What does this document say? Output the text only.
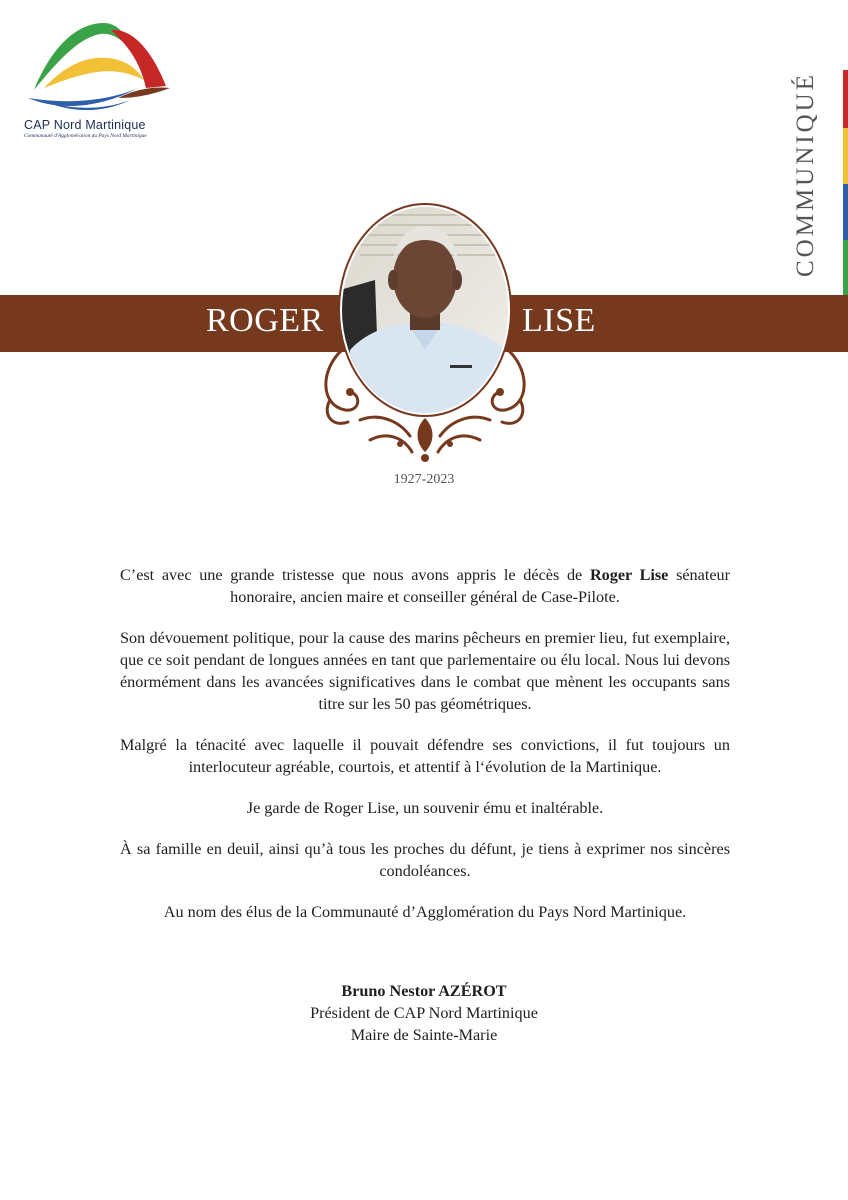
CAP Nord Martinique
Communauté d'Agglomération du Pays Nord Martinique	COMMUNIQUÉ
ROGER	LISE
1927-2023

C’est avec une grande tristesse que nous avons appris le décès de Roger Lise sénateur honoraire, ancien maire et conseiller général de Case-Pilote.

Son dévouement politique, pour la cause des marins pêcheurs en premier lieu, fut exemplaire, que ce soit pendant de longues années en tant que parlementaire ou élu local. Nous lui devons énormément dans les avancées significatives dans le combat que mènent les occupants sans titre sur les 50 pas géométriques.

Malgré la ténacité avec laquelle il pouvait défendre ses convictions, il fut toujours un interlocuteur agréable, courtois, et attentif à l‘évolution de la Martinique.

Je garde de Roger Lise, un souvenir ému et inaltérable.

À sa famille en deuil, ainsi qu’à tous les proches du défunt, je tiens à exprimer nos sincères condoléances.

Au nom des élus de la Communauté d’Agglomération du Pays Nord Martinique.

Bruno Nestor AZÉROT
Président de CAP Nord Martinique
Maire de Sainte-Marie
